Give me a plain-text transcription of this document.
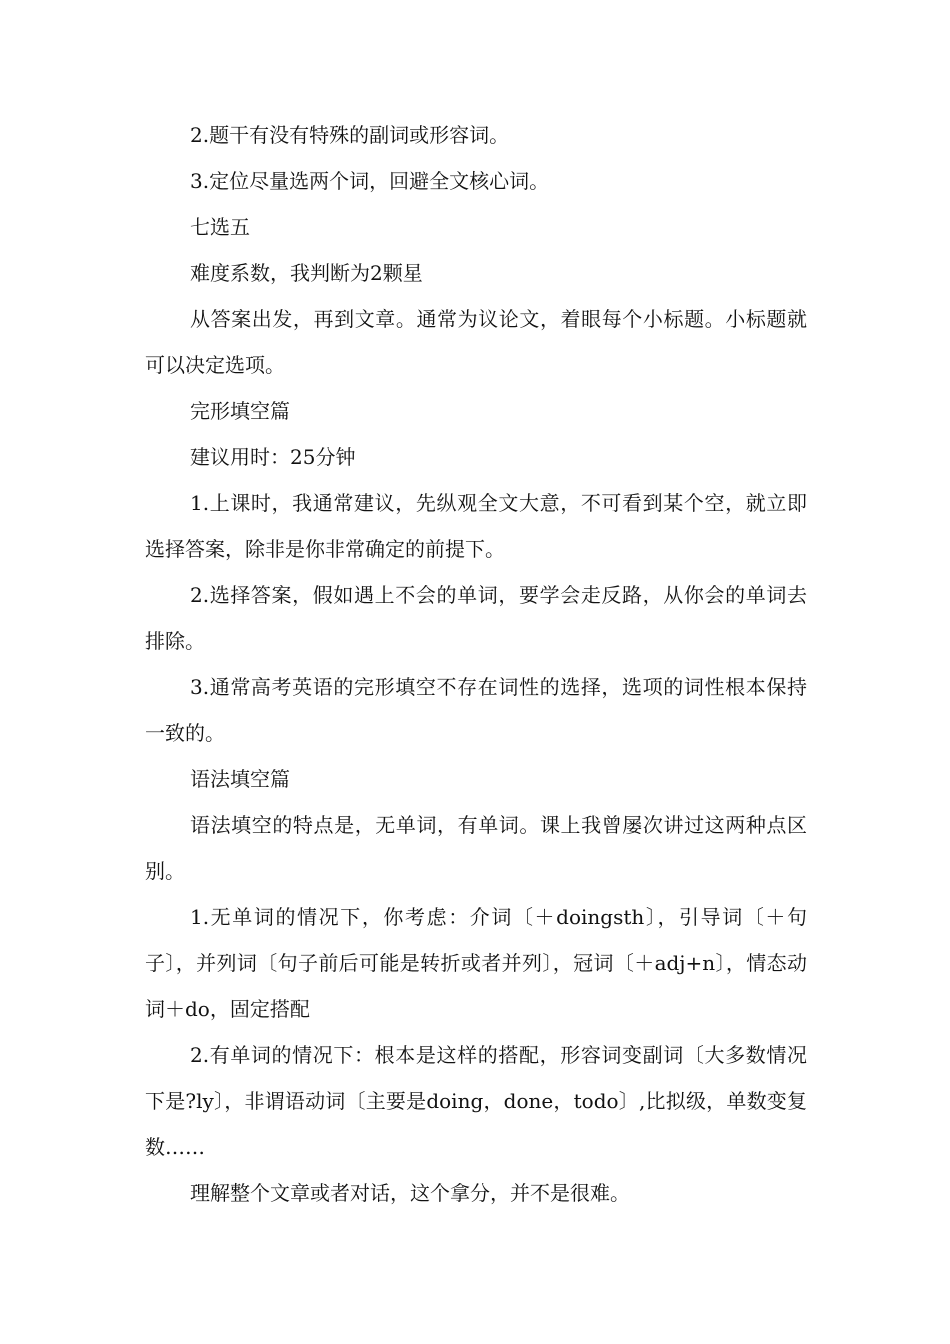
2.题干有没有特殊的副词或形容词。

3.定位尽量选两个词，回避全文核心词。

七选五

难度系数，我判断为2颗星

从答案出发，再到文章。通常为议论文，着眼每个小标题。小标题就可以决定选项。

完形填空篇

建议用时：25分钟

1.上课时，我通常建议，先纵观全文大意，不可看到某个空，就立即选择答案，除非是你非常确定的前提下。

2.选择答案，假如遇上不会的单词，要学会走反路，从你会的单词去排除。

3.通常高考英语的完形填空不存在词性的选择，选项的词性根本保持一致的。

语法填空篇

语法填空的特点是，无单词，有单词。课上我曾屡次讲过这两种点区别。

1.无单词的情况下，你考虑：介词〔＋doingsth〕，引导词〔＋句子〕，并列词〔句子前后可能是转折或者并列〕，冠词〔＋adj+n〕，情态动词＋do，固定搭配

2.有单词的情况下：根本是这样的搭配，形容词变副词〔大多数情况下是?ly〕，非谓语动词〔主要是doing，done，todo〕,比拟级，单数变复数……

理解整个文章或者对话，这个拿分，并不是很难。
